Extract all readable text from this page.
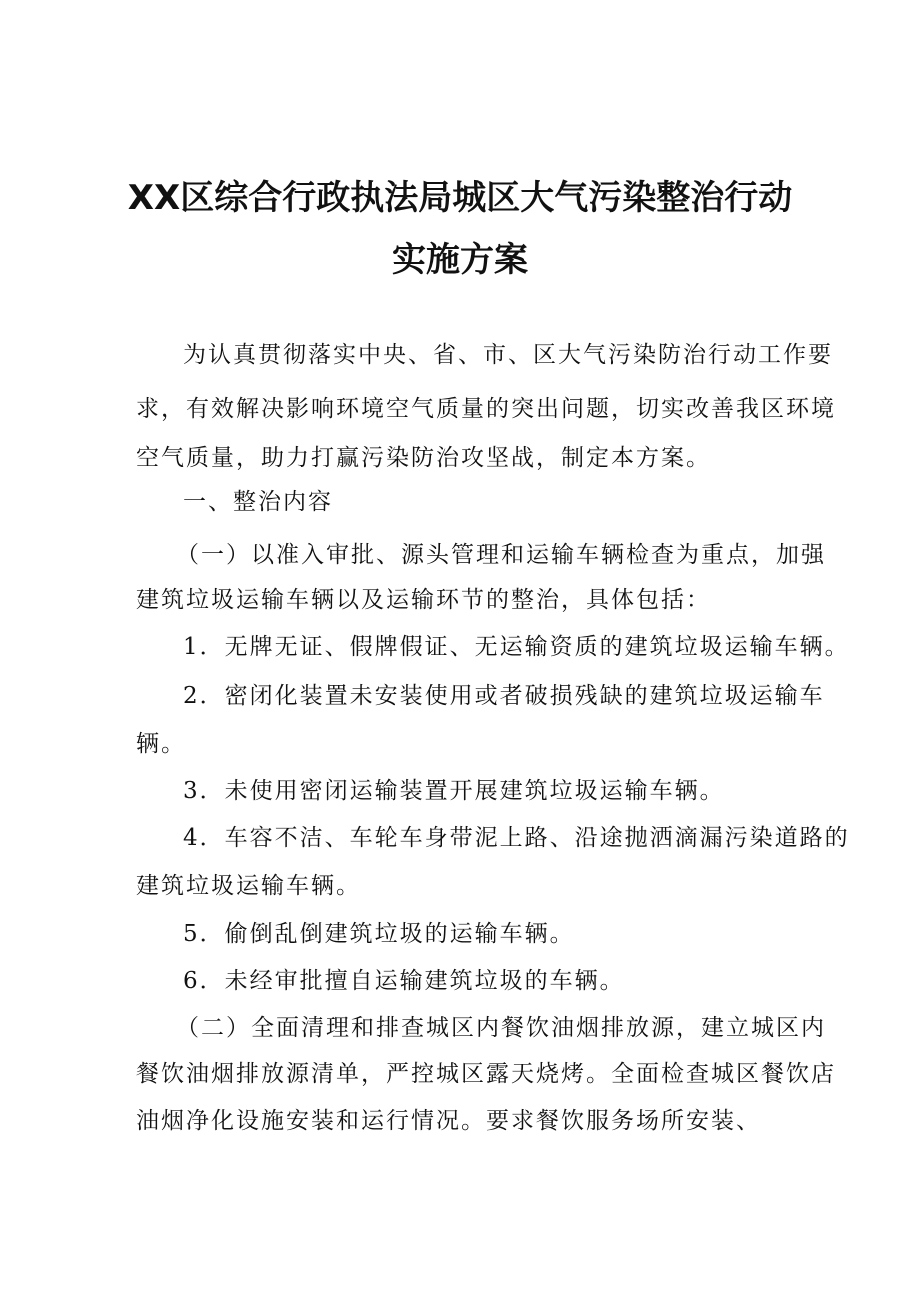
XX区综合行政执法局城区大气污染整治行动
实施方案
为认真贯彻落实中央、省、市、区大气污染防治行动工作要
求，有效解决影响环境空气质量的突出问题，切实改善我区环境
空气质量，助力打赢污染防治攻坚战，制定本方案。
一、整治内容
（一）以准入审批、源头管理和运输车辆检查为重点，加强
建筑垃圾运输车辆以及运输环节的整治，具体包括：
1．无牌无证、假牌假证、无运输资质的建筑垃圾运输车辆。
2．密闭化装置未安装使用或者破损残缺的建筑垃圾运输车
辆。
3．未使用密闭运输装置开展建筑垃圾运输车辆。
4．车容不洁、车轮车身带泥上路、沿途抛洒滴漏污染道路的
建筑垃圾运输车辆。
5．偷倒乱倒建筑垃圾的运输车辆。
6．未经审批擅自运输建筑垃圾的车辆。
（二）全面清理和排查城区内餐饮油烟排放源，建立城区内
餐饮油烟排放源清单，严控城区露天烧烤。全面检查城区餐饮店
油烟净化设施安装和运行情况。要求餐饮服务场所安装、
